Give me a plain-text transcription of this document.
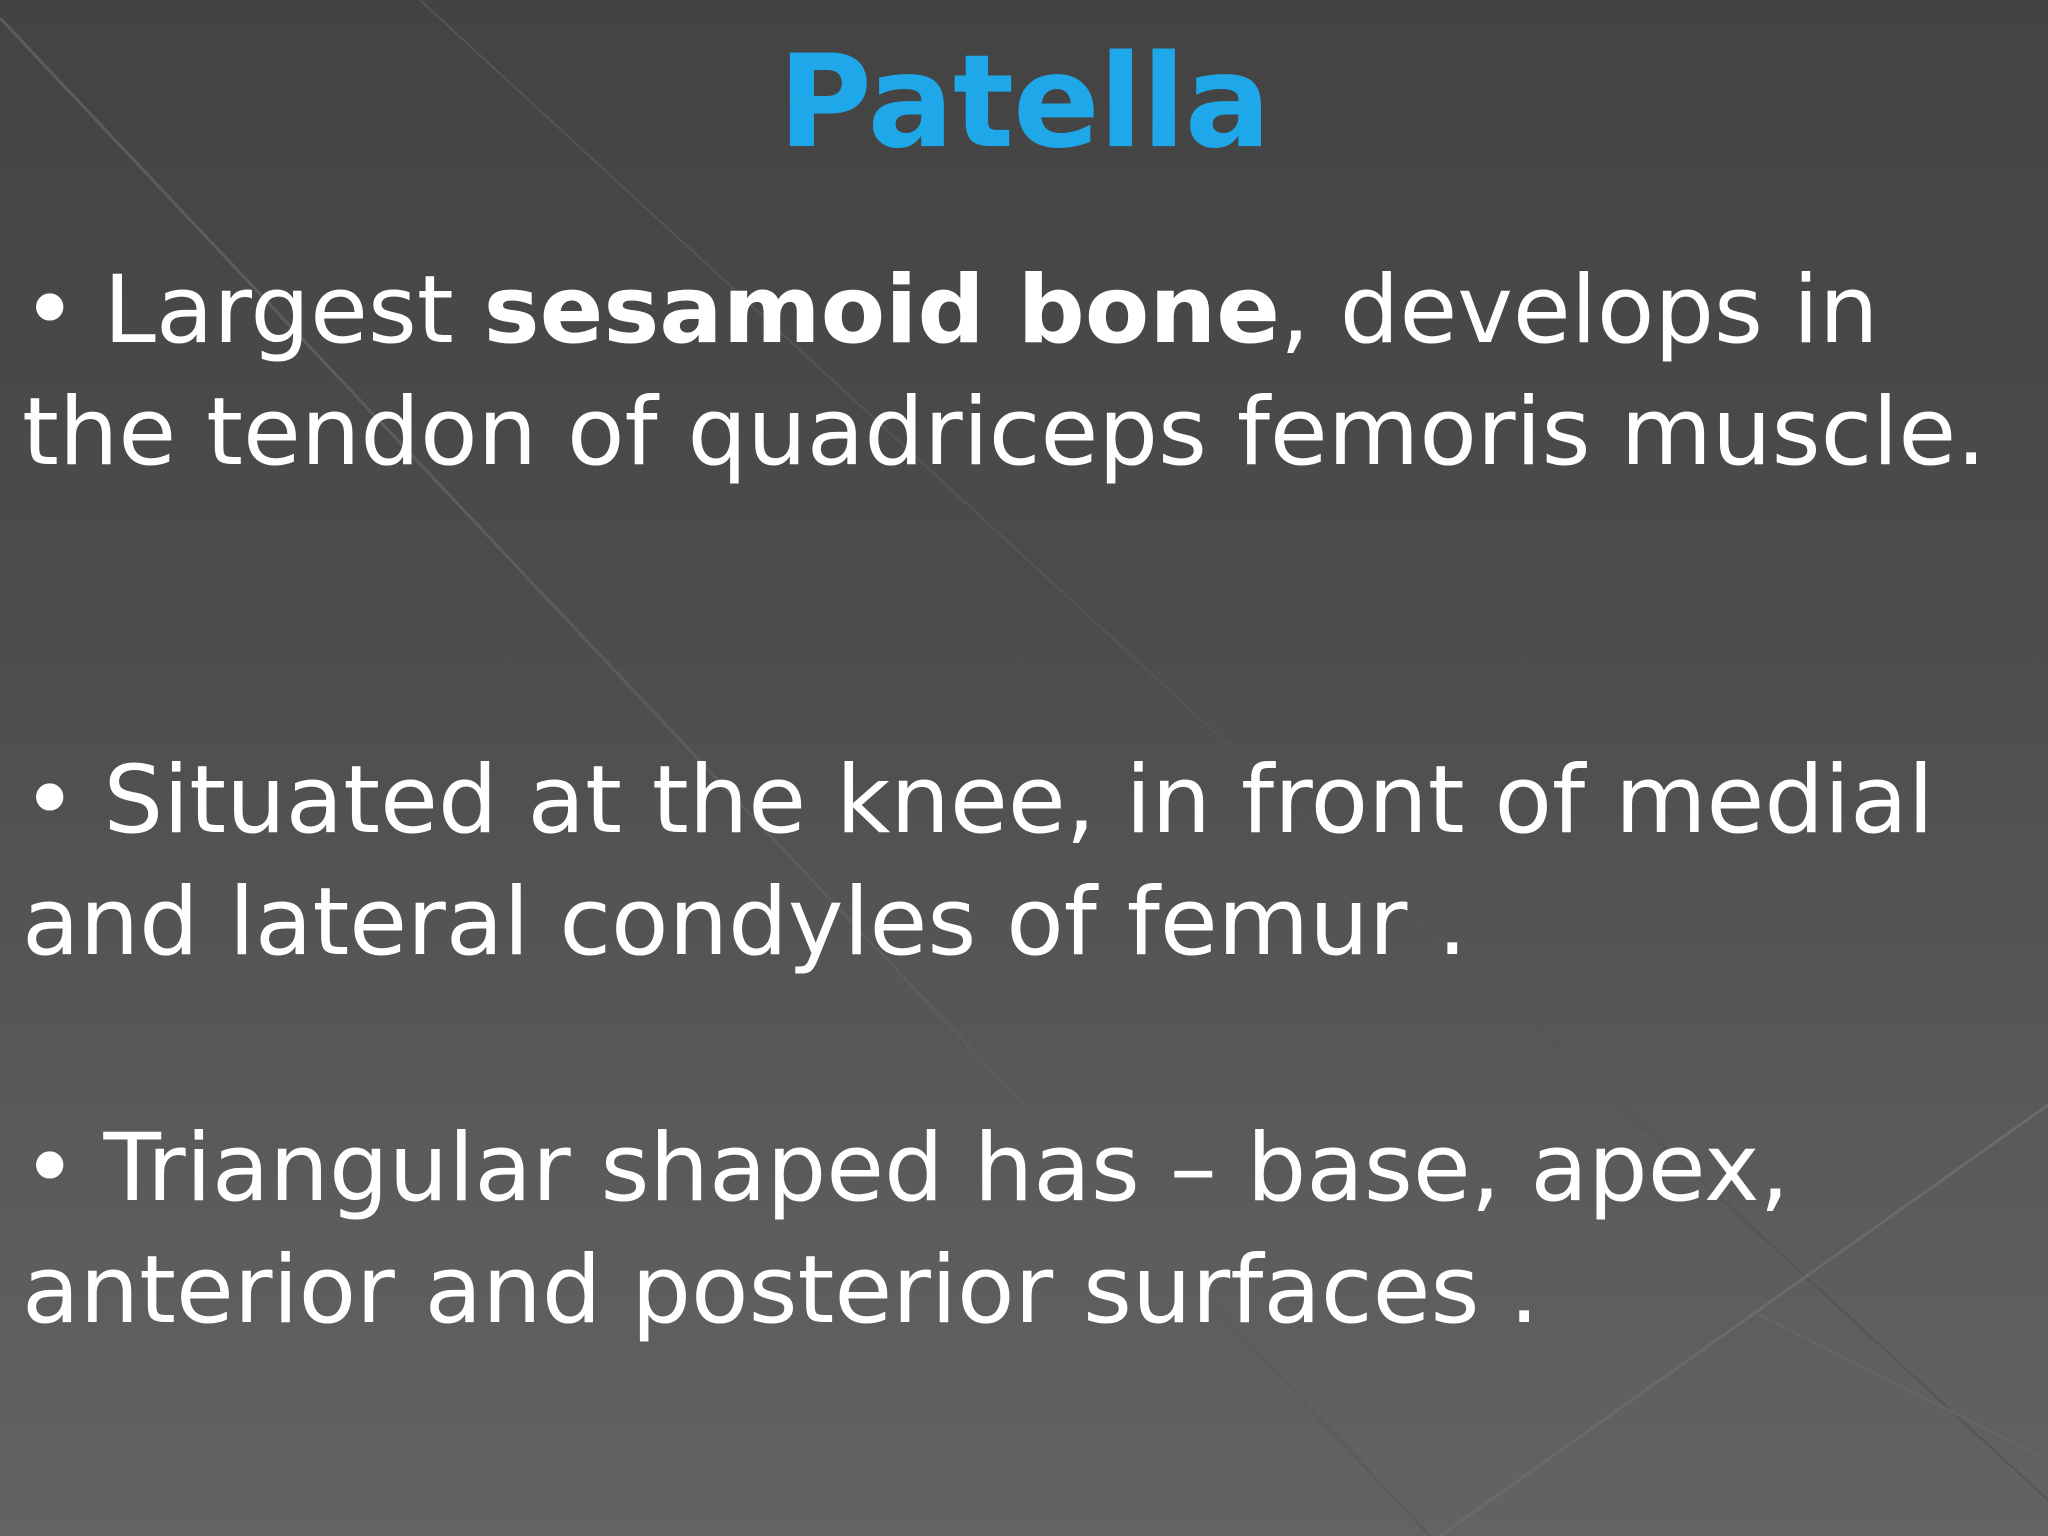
Patella

• Largest sesamoid bone, develops in the tendon of quadriceps femoris muscle.

• Situated at the knee, in front of medial and lateral condyles of femur .

• Triangular shaped has – base, apex, anterior and posterior surfaces .
